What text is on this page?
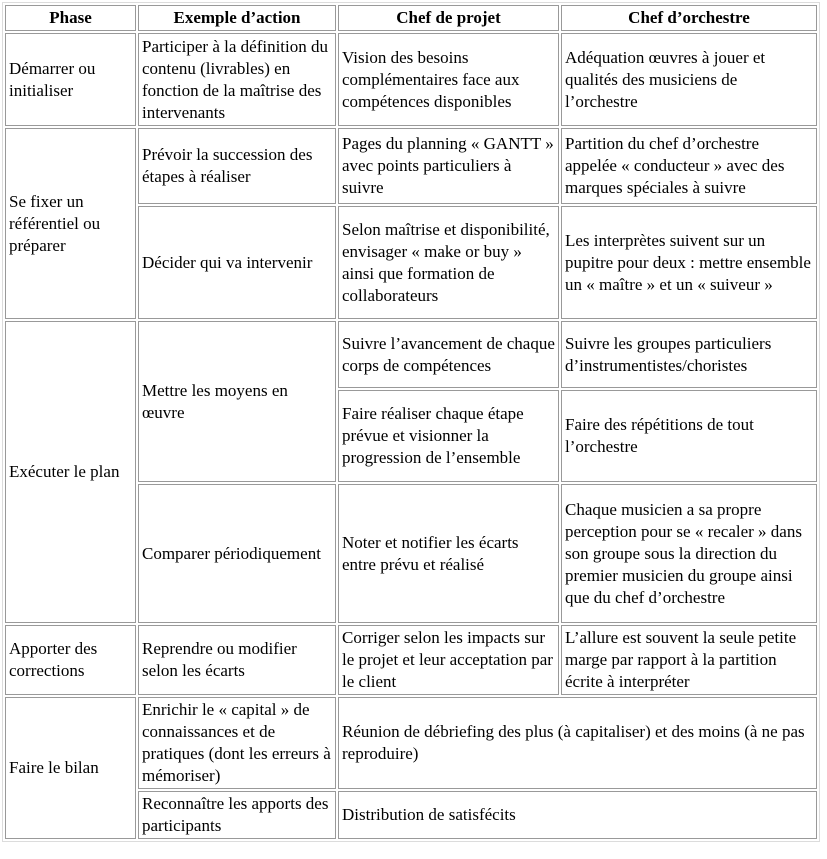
Phase	Exemple d’action	Chef de projet	Chef d’orchestre
Démarrer ou initialiser	Participer à la définition du contenu (livrables) en fonction de la maîtrise des intervenants	Vision des besoins complémentaires face aux compétences disponibles	Adéquation œuvres à jouer et qualités des musiciens de l’orchestre
Se fixer un référentiel ou préparer	Prévoir la succession des étapes à réaliser	Pages du planning « GANTT » avec points particuliers à suivre	Partition du chef d’orchestre appelée « conducteur » avec des marques spéciales à suivre
	Décider qui va intervenir	Selon maîtrise et disponibilité, envisager « make or buy » ainsi que formation de collaborateurs	Les interprètes suivent sur un pupitre pour deux : mettre ensemble un « maître » et un « suiveur »
Exécuter le plan	Mettre les moyens en œuvre	Suivre l’avancement de chaque corps de compétences	Suivre les groupes particuliers d’instrumentistes/choristes
		Faire réaliser chaque étape prévue et visionner la progression de l’ensemble	Faire des répétitions de tout l’orchestre
	Comparer périodiquement	Noter et notifier les écarts entre prévu et réalisé	Chaque musicien a sa propre perception pour se « recaler » dans son groupe sous la direction du premier musicien du groupe ainsi que du chef d’orchestre
Apporter des corrections	Reprendre ou modifier selon les écarts	Corriger selon les impacts sur le projet et leur acceptation par le client	L’allure est souvent la seule petite marge par rapport à la partition écrite à interpréter
Faire le bilan	Enrichir le « capital » de connaissances et de pratiques (dont les erreurs à mémoriser)	Réunion de débriefing des plus (à capitaliser) et des moins (à ne pas reproduire)	
	Reconnaître les apports des participants	Distribution de satisfécits	
